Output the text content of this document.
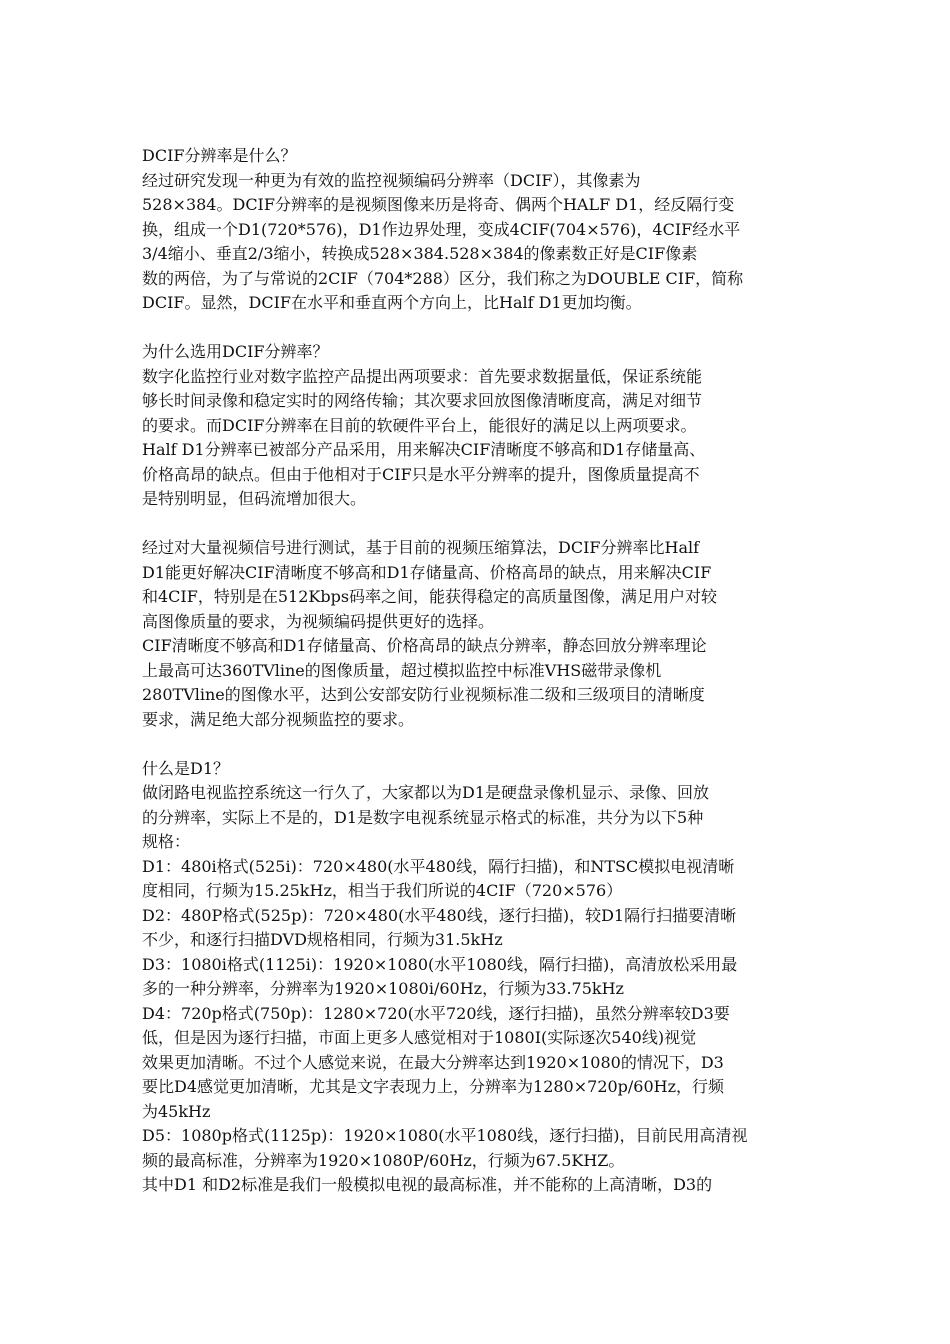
DCIF分辨率是什么？
经过研究发现一种更为有效的监控视频编码分辨率（DCIF），其像素为
528×384。DCIF分辨率的是视频图像来历是将奇、偶两个HALF D1，经反隔行变
换，组成一个D1(720*576)，D1作边界处理，变成4CIF(704×576)，4CIF经水平
3/4缩小、垂直2/3缩小，转换成528×384.528×384的像素数正好是CIF像素
数的两倍，为了与常说的2CIF（704*288）区分，我们称之为DOUBLE CIF，简称
DCIF。显然，DCIF在水平和垂直两个方向上，比Half D1更加均衡。
为什么选用DCIF分辨率？
数字化监控行业对数字监控产品提出两项要求：首先要求数据量低，保证系统能
够长时间录像和稳定实时的网络传输；其次要求回放图像清晰度高，满足对细节
的要求。而DCIF分辨率在目前的软硬件平台上，能很好的满足以上两项要求。
Half D1分辨率已被部分产品采用，用来解决CIF清晰度不够高和D1存储量高、
价格高昂的缺点。但由于他相对于CIF只是水平分辨率的提升，图像质量提高不
是特别明显，但码流增加很大。
经过对大量视频信号进行测试，基于目前的视频压缩算法，DCIF分辨率比Half
D1能更好解决CIF清晰度不够高和D1存储量高、价格高昂的缺点，用来解决CIF
和4CIF，特别是在512Kbps码率之间，能获得稳定的高质量图像，满足用户对较
高图像质量的要求，为视频编码提供更好的选择。
CIF清晰度不够高和D1存储量高、价格高昂的缺点分辨率，静态回放分辨率理论
上最高可达360TVline的图像质量，超过模拟监控中标准VHS磁带录像机
280TVline的图像水平，达到公安部安防行业视频标准二级和三级项目的清晰度
要求，满足绝大部分视频监控的要求。
什么是D1？
做闭路电视监控系统这一行久了，大家都以为D1是硬盘录像机显示、录像、回放
的分辨率，实际上不是的，D1是数字电视系统显示格式的标准，共分为以下5种
规格：
D1：480i格式(525i)：720×480(水平480线，隔行扫描)，和NTSC模拟电视清晰
度相同，行频为15.25kHz，相当于我们所说的4CIF（720×576）
D2：480P格式(525p)：720×480(水平480线，逐行扫描)，较D1隔行扫描要清晰
不少，和逐行扫描DVD规格相同，行频为31.5kHz
D3：1080i格式(1125i)：1920×1080(水平1080线，隔行扫描)，高清放松采用最
多的一种分辨率，分辨率为1920×1080i/60Hz，行频为33.75kHz
D4：720p格式(750p)：1280×720(水平720线，逐行扫描)，虽然分辨率较D3要
低，但是因为逐行扫描，市面上更多人感觉相对于1080I(实际逐次540线)视觉
效果更加清晰。不过个人感觉来说，在最大分辨率达到1920×1080的情况下，D3
要比D4感觉更加清晰，尤其是文字表现力上，分辨率为1280×720p/60Hz，行频
为45kHz
D5：1080p格式(1125p)：1920×1080(水平1080线，逐行扫描)，目前民用高清视
频的最高标准，分辨率为1920×1080P/60Hz，行频为67.5KHZ。
其中D1 和D2标准是我们一般模拟电视的最高标准，并不能称的上高清晰，D3的
